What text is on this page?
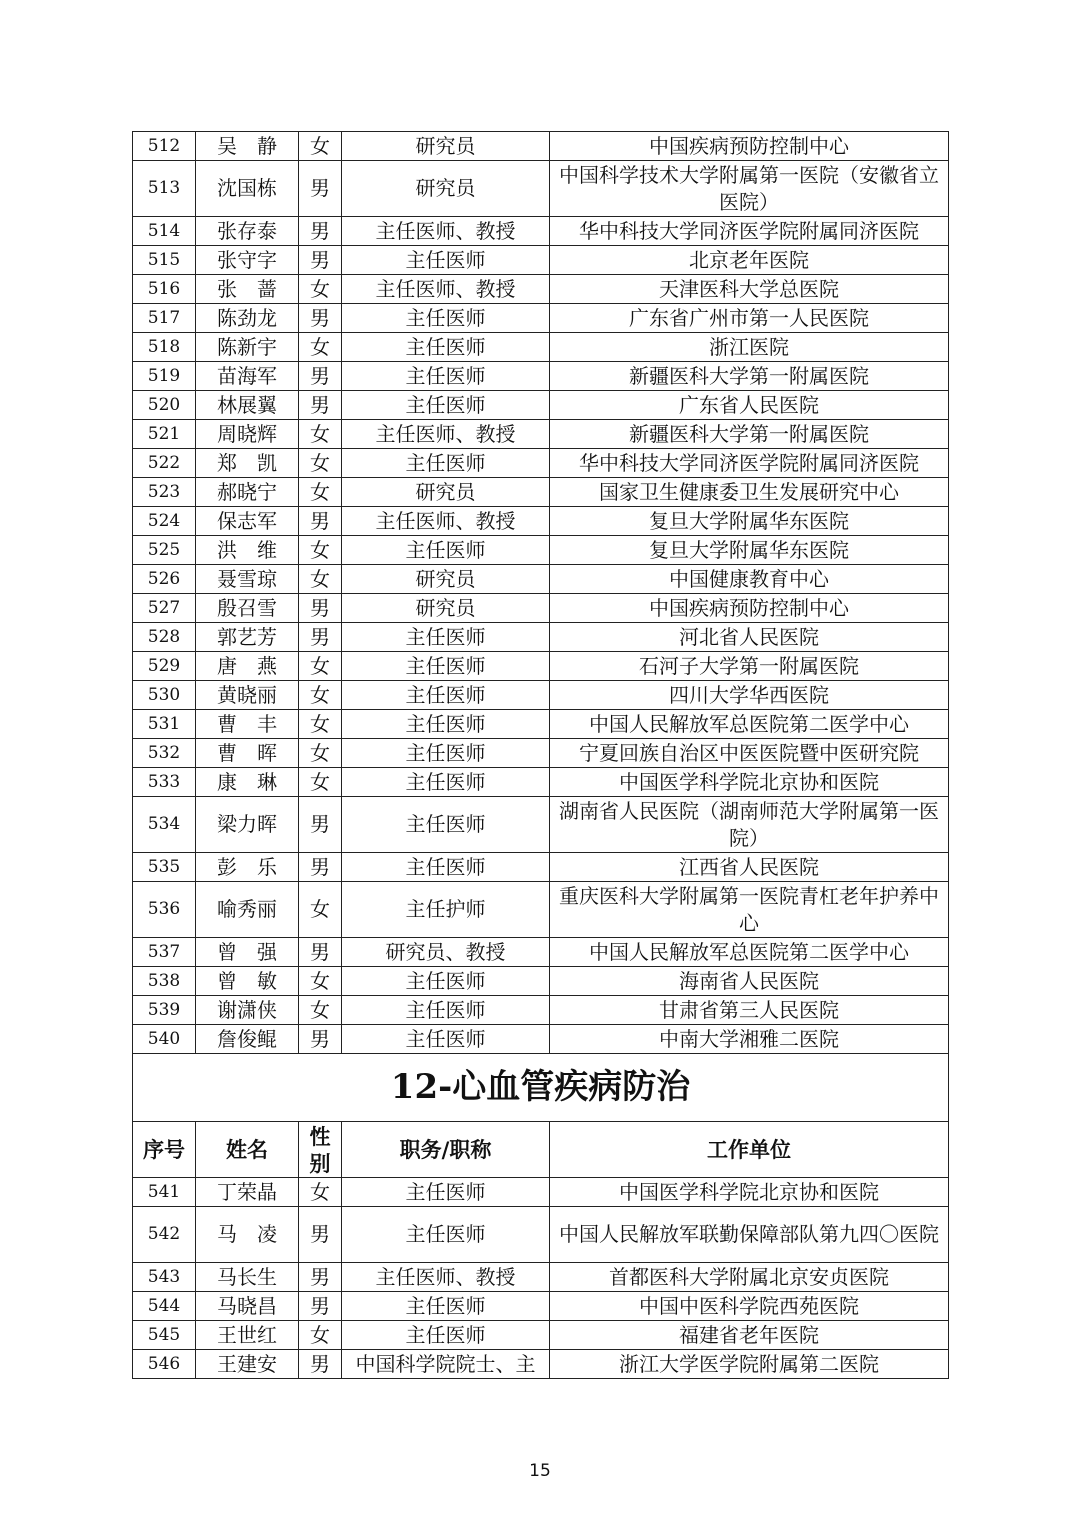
512	吴　静	女	研究员	中国疾病预防控制中心
513	沈国栋	男	研究员	中国科学技术大学附属第一医院（安徽省立医院）
514	张存泰	男	主任医师、教授	华中科技大学同济医学院附属同济医院
515	张守字	男	主任医师	北京老年医院
516	张　蔷	女	主任医师、教授	天津医科大学总医院
517	陈劲龙	男	主任医师	广东省广州市第一人民医院
518	陈新宇	女	主任医师	浙江医院
519	苗海军	男	主任医师	新疆医科大学第一附属医院
520	林展翼	男	主任医师	广东省人民医院
521	周晓辉	女	主任医师、教授	新疆医科大学第一附属医院
522	郑　凯	女	主任医师	华中科技大学同济医学院附属同济医院
523	郝晓宁	女	研究员	国家卫生健康委卫生发展研究中心
524	保志军	男	主任医师、教授	复旦大学附属华东医院
525	洪　维	女	主任医师	复旦大学附属华东医院
526	聂雪琼	女	研究员	中国健康教育中心
527	殷召雪	男	研究员	中国疾病预防控制中心
528	郭艺芳	男	主任医师	河北省人民医院
529	唐　燕	女	主任医师	石河子大学第一附属医院
530	黄晓丽	女	主任医师	四川大学华西医院
531	曹　丰	女	主任医师	中国人民解放军总医院第二医学中心
532	曹　晖	女	主任医师	宁夏回族自治区中医医院暨中医研究院
533	康　琳	女	主任医师	中国医学科学院北京协和医院
534	梁力晖	男	主任医师	湖南省人民医院（湖南师范大学附属第一医院）
535	彭　乐	男	主任医师	江西省人民医院
536	喻秀丽	女	主任护师	重庆医科大学附属第一医院青杠老年护养中心
537	曾　强	男	研究员、教授	中国人民解放军总医院第二医学中心
538	曾　敏	女	主任医师	海南省人民医院
539	谢潇侠	女	主任医师	甘肃省第三人民医院
540	詹俊鲲	男	主任医师	中南大学湘雅二医院
12-心血管疾病防治				
序号	姓名	性别	职务/职称	工作单位
541	丁荣晶	女	主任医师	中国医学科学院北京协和医院
542	马　凌	男	主任医师	中国人民解放军联勤保障部队第九四〇医院
543	马长生	男	主任医师、教授	首都医科大学附属北京安贞医院
544	马晓昌	男	主任医师	中国中医科学院西苑医院
545	王世红	女	主任医师	福建省老年医院
546	王建安	男	中国科学院院士、主	浙江大学医学院附属第二医院
15
